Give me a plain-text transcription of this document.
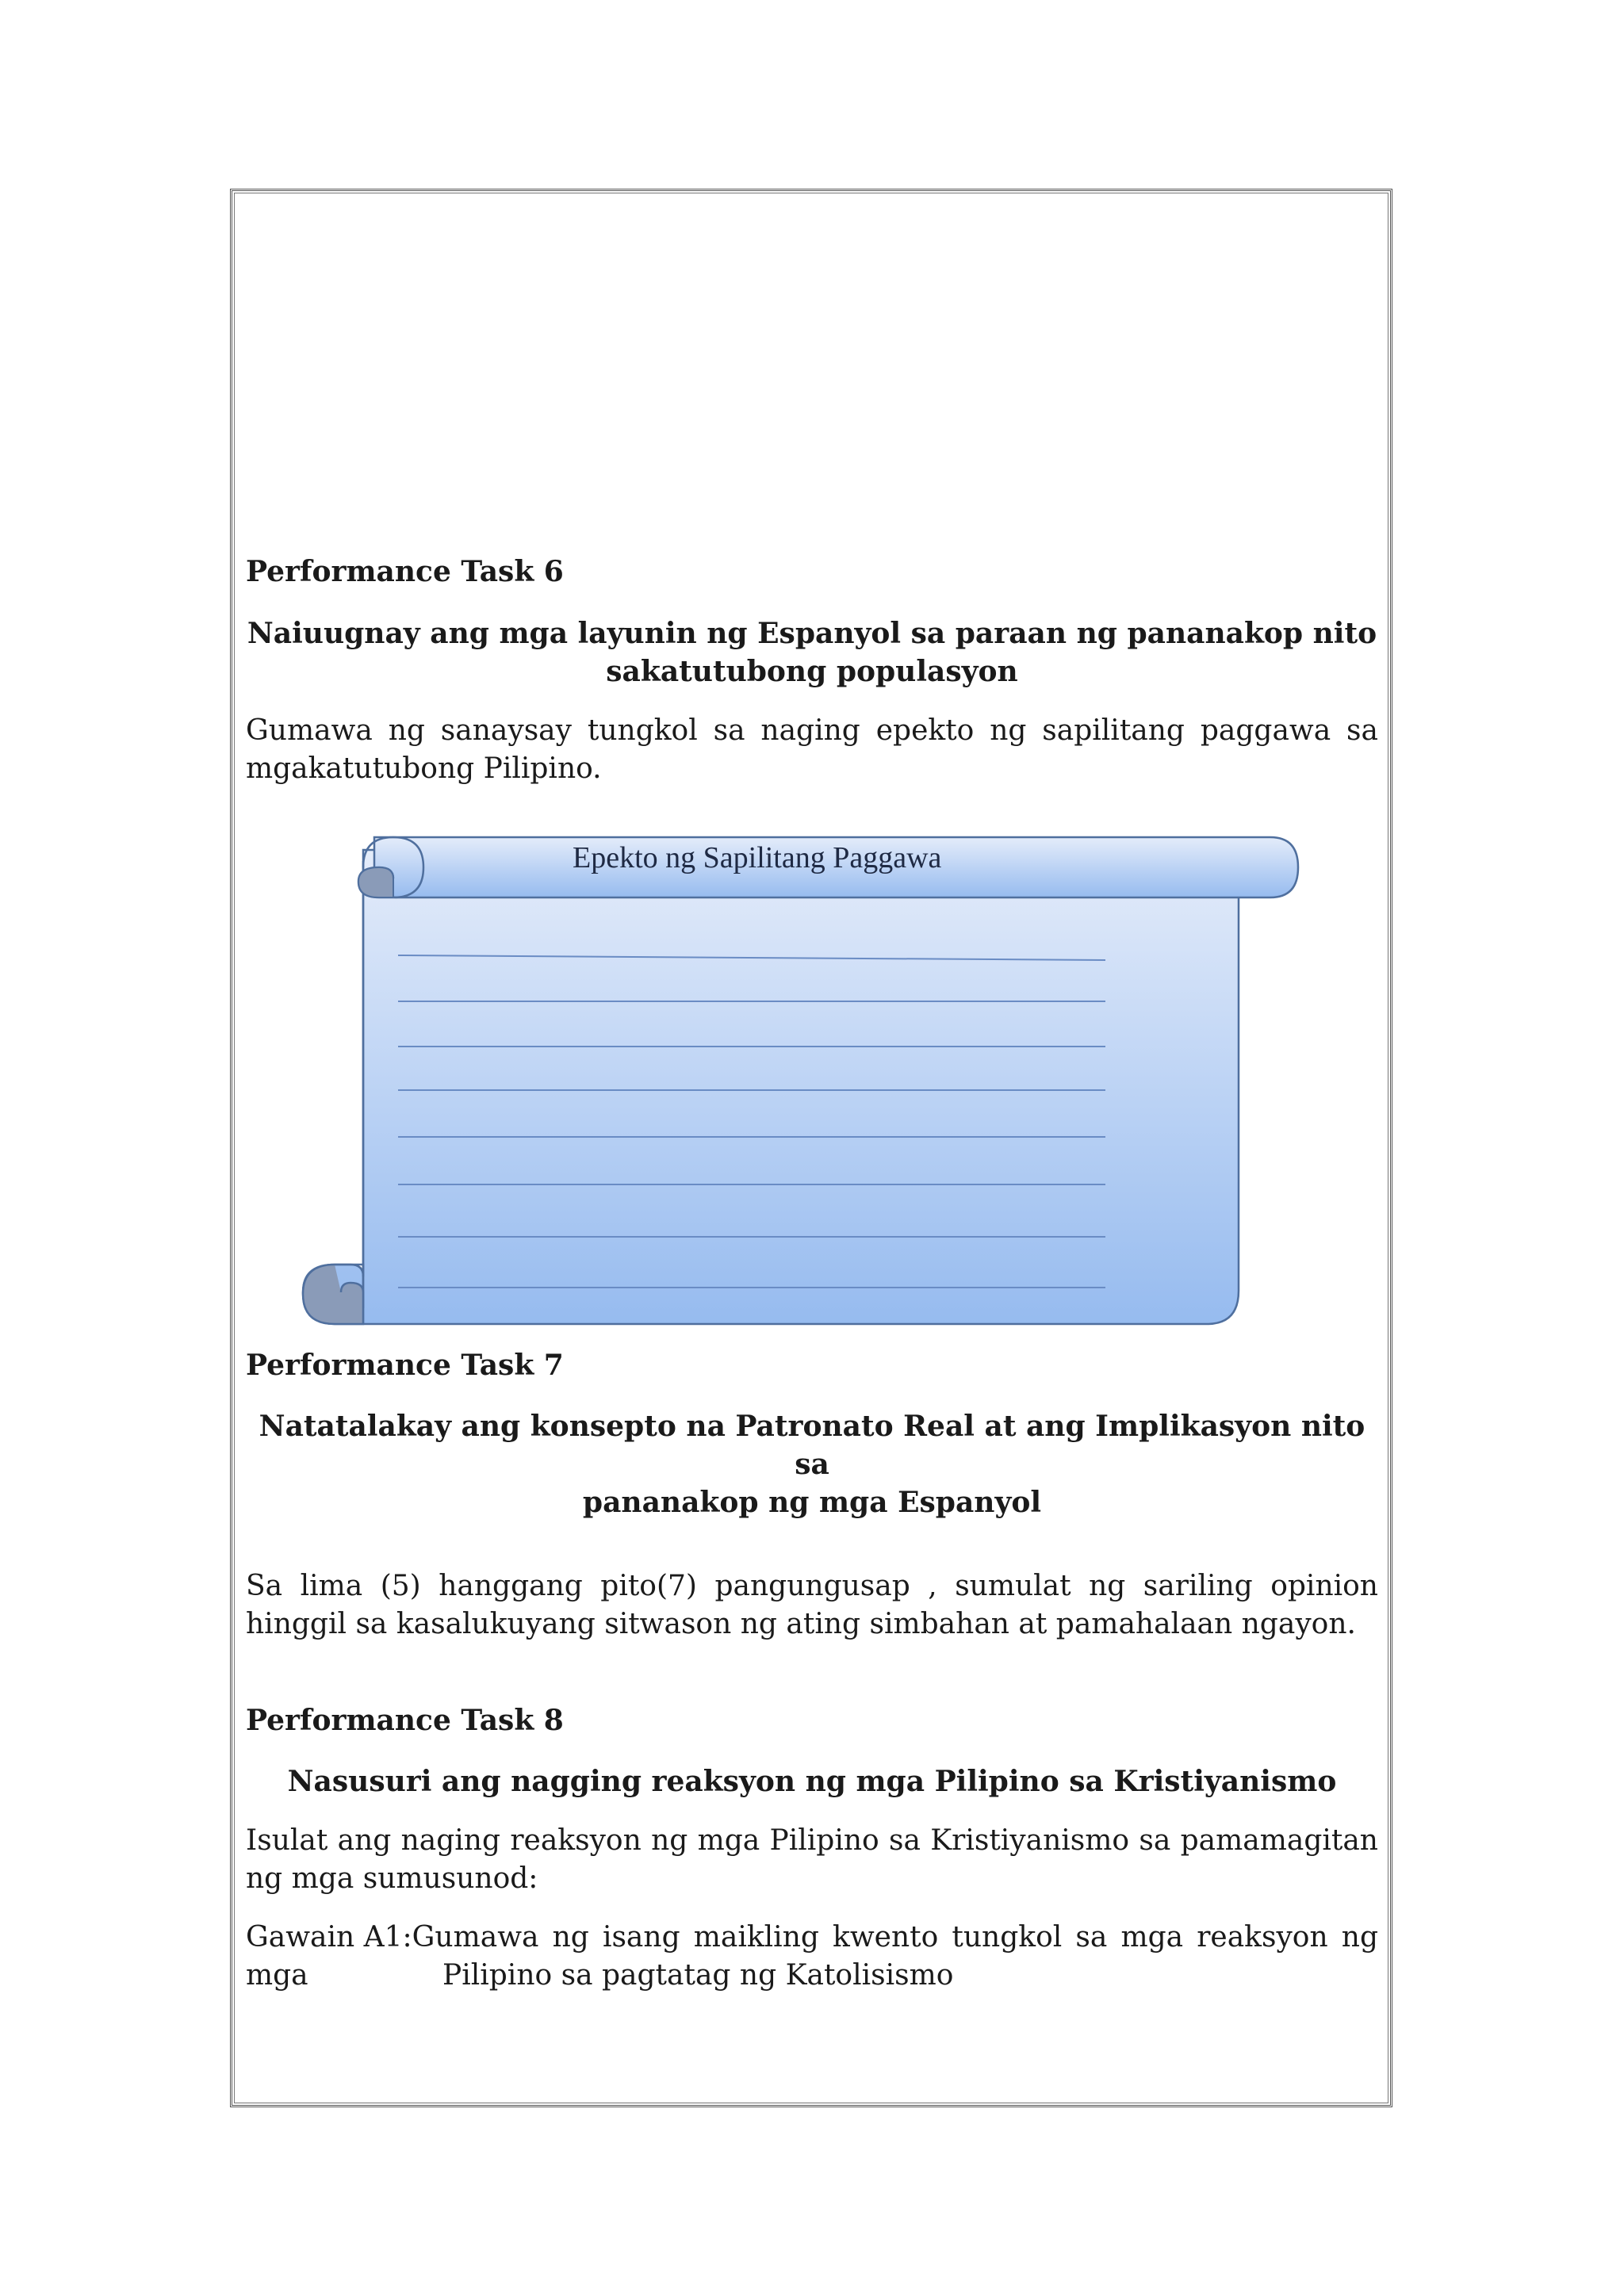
Performance Task 6

Naiuugnay ang mga layunin ng Espanyol sa paraan ng pananakop nito
sakatutubong populasyon

Gumawa ng sanaysay tungkol sa naging epekto ng sapilitang paggawa sa mgakatutubong Pilipino.

Epekto ng Sapilitang Paggawa
Performance Task 7

Natatalakay ang konsepto na Patronato Real at ang Implikasyon nito sa
pananakop ng mga Espanyol

Sa lima (5) hanggang pito(7) pangungusap , sumulat ng sariling opinion hinggil sa kasalukuyang sitwason ng ating simbahan at pamahalaan ngayon.

Performance Task 8

Nasusuri ang nagging reaksyon ng mga Pilipino sa Kristiyanismo

Isulat ang naging reaksyon ng mga Pilipino sa Kristiyanismo sa pamamagitan ng mga sumusunod:

Gawain A1: Gumawa ng isang maikling kwento tungkol sa mga reaksyon ng
mga	Pilipino sa pagtatag ng Katolisismo
